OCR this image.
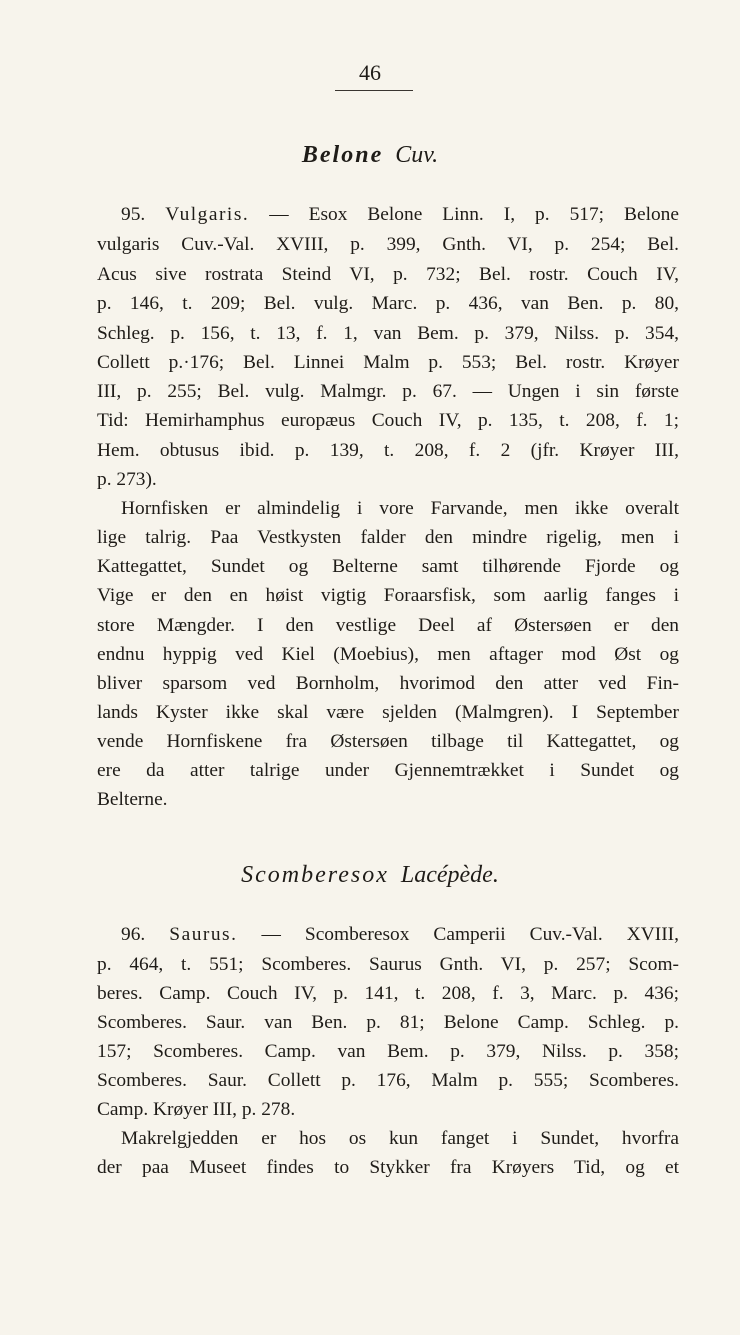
46
Belone Cuv.
95. Vulgaris. — Esox Belone Linn. I, p. 517; Belone
vulgaris Cuv.-Val. XVIII, p. 399, Gnth. VI, p. 254; Bel.
Acus sive rostrata Steind VI, p. 732; Bel. rostr. Couch IV,
p. 146, t. 209; Bel. vulg. Marc. p. 436, van Ben. p. 80,
Schleg. p. 156, t. 13, f. 1, van Bem. p. 379, Nilss. p. 354,
Collett p.·176; Bel. Linnei Malm p. 553; Bel. rostr. Krøyer
III, p. 255; Bel. vulg. Malmgr. p. 67. — Ungen i sin første
Tid: Hemirhamphus europæus Couch IV, p. 135, t. 208, f. 1;
Hem. obtusus ibid. p. 139, t. 208, f. 2 (jfr. Krøyer III,
p. 273).
Hornfisken er almindelig i vore Farvande, men ikke overalt
lige talrig. Paa Vestkysten falder den mindre rigelig, men i
Kattegattet, Sundet og Belterne samt tilhørende Fjorde og
Vige er den en høist vigtig Foraarsfisk, som aarlig fanges i
store Mængder. I den vestlige Deel af Østersøen er den
endnu hyppig ved Kiel (Moebius), men aftager mod Øst og
bliver sparsom ved Bornholm, hvorimod den atter ved Fin-
lands Kyster ikke skal være sjelden (Malmgren). I September
vende Hornfiskene fra Østersøen tilbage til Kattegattet, og
ere da atter talrige under Gjennemtrækket i Sundet og
Belterne.
Scomberesox Lacépède.
96. Saurus. — Scomberesox Camperii Cuv.-Val. XVIII,
p. 464, t. 551; Scomberes. Saurus Gnth. VI, p. 257; Scom-
beres. Camp. Couch IV, p. 141, t. 208, f. 3, Marc. p. 436;
Scomberes. Saur. van Ben. p. 81; Belone Camp. Schleg. p.
157; Scomberes. Camp. van Bem. p. 379, Nilss. p. 358;
Scomberes. Saur. Collett p. 176, Malm p. 555; Scomberes.
Camp. Krøyer III, p. 278.
Makrelgjedden er hos os kun fanget i Sundet, hvorfra
der paa Museet findes to Stykker fra Krøyers Tid, og et
